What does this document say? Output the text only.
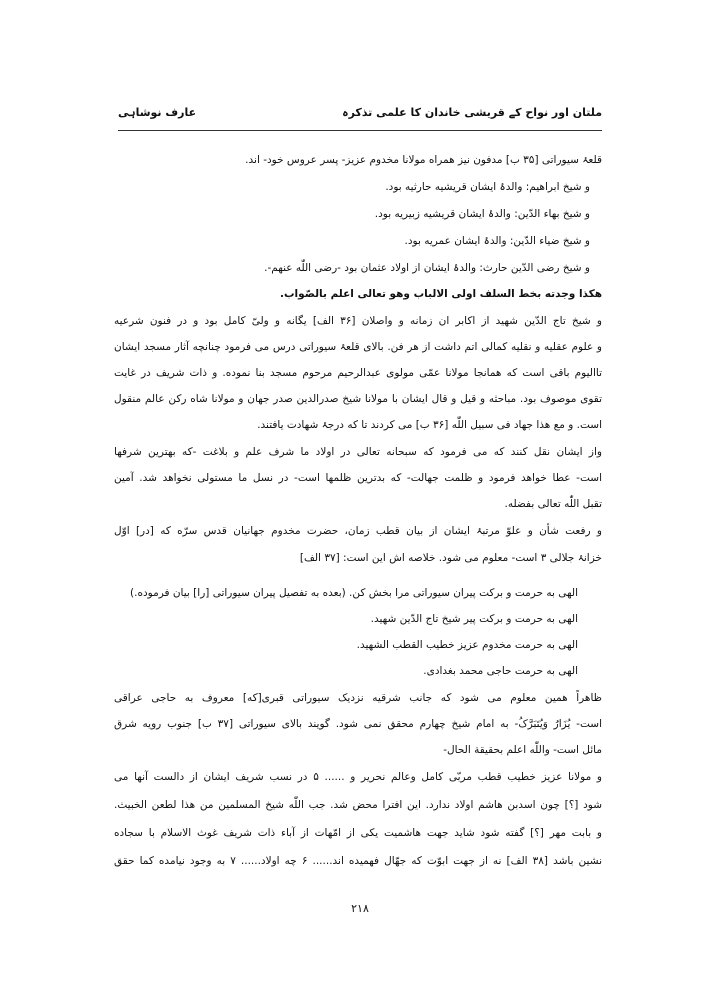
ملتان اور نواح کے قریشی خاندان کا علمی تذکرہ
عارف نوشاہی
قلعۂ سیوراتی [۳۵ ب] مدفون نیز همراه مولانا مخدوم عزیز- پسر عروس خود- اند.
و شیخ ابراهیم: والدۂ ایشان قریشیه حارثیه بود.
و شیخ بهاء الدّین: والدۂ ایشان قریشیه زبیریه بود.
و شیخ ضیاء الدّین: والدۂ ایشان عمریه بود.
و شیخ رضی الدّین حارث: والدۂ ایشان از اولاد عثمان بود -رضی اللّٰه عنهم-.
هکذا وجدته بخط السلف اولی الالباب وهو تعالی اعلم بالصّواب.
و شیخ تاج الدّین شهید از اکابر ان زمانه و واصلان [۳۶ الف] یگانه و ولیّ کامل بود و در فنون شرعیه
و علوم عقلیه و نقلیه کمالی اتم داشت از هر فن. بالای قلعۂ سیوراتی درس می فرمود چنانچه آثار مسجد ایشان
تاالیوم باقی است که همانجا مولانا عمّی مولوی عبدالرحیم مرحوم مسجد بنا نموده. و ذات شریف در غایت
تقوی موصوف بود. مباحثه و قیل و قال ایشان با مولانا شیخ صدرالدین صدر جهان و مولانا شاه رکن عالم منقول
است. و مع هذا جهاد فی سبیل اللّٰه [۳۶ ب] می کردند تا که درجۂ شهادت یافتند.
واز ایشان نقل کنند که می فرمود که سبحانه تعالی در اولاد ما شرف علم و بلاغت -که بهترین شرفها
است- عطا خواهد فرمود و ظلمت جهالت- که بدترین ظلمها است- در نسل ما مستولی نخواهد شد. آمین
تقبل اللّٰه تعالی بفضله.
و رفعت شأن و علوّ مرتبۂ ایشان از بیان قطب زمان، حضرت مخدوم جهانیان قدس سرّه که [در] اوّل
خزانۂ جلالی ۳ است- معلوم می شود. خلاصه اش این است: [۳۷ الف]
الهی به حرمت و برکت پیران سیوراتی مرا بخش کن. (بعده به تفصیل پیران سیوراتی [را] بیان فرموده.)
الهی به حرمت و برکت پیر شیخ تاج الدّین شهید.
الهی به حرمت مخدوم عزیز خطیب القطب الشهید.
الهی به حرمت حاجی محمد بغدادی.
ظاهراً همین معلوم می شود که جانب شرقیه نزدیک سیوراتی قبری[که] معروف به حاجی عراقی
است- یُزَارُ وَیُتَبَرَّکُ- به امام شیخ چهارم محقق نمی شود. گویند بالای سیوراتی [۳۷ ب] جنوب رویه شرق
مائل است- واللّٰه اعلم بحقیقة الحال-
و مولانا عزیز خطیب قطب مربّی کامل وعالم نحریر و ...... ۵ در نسب شریف ایشان از دالست آنها می
شود [؟] چون اسدبن هاشم اولاد ندارد. این افترا محض شد. جب اللّٰه شیخ المسلمین من هذا لطعن الخبیث.
و بابت مهر [؟] گفته شود شاید جهت هاشمیت یکی از امّهات از آباء ذات شریف غوث الاسلام با سجاده
نشین باشد [۳۸ الف] نه از جهت ابوّت که جهّال فهمیده اند...... ۶ چه اولاد...... ۷ به وجود نیامده کما حقق
۲۱۸
